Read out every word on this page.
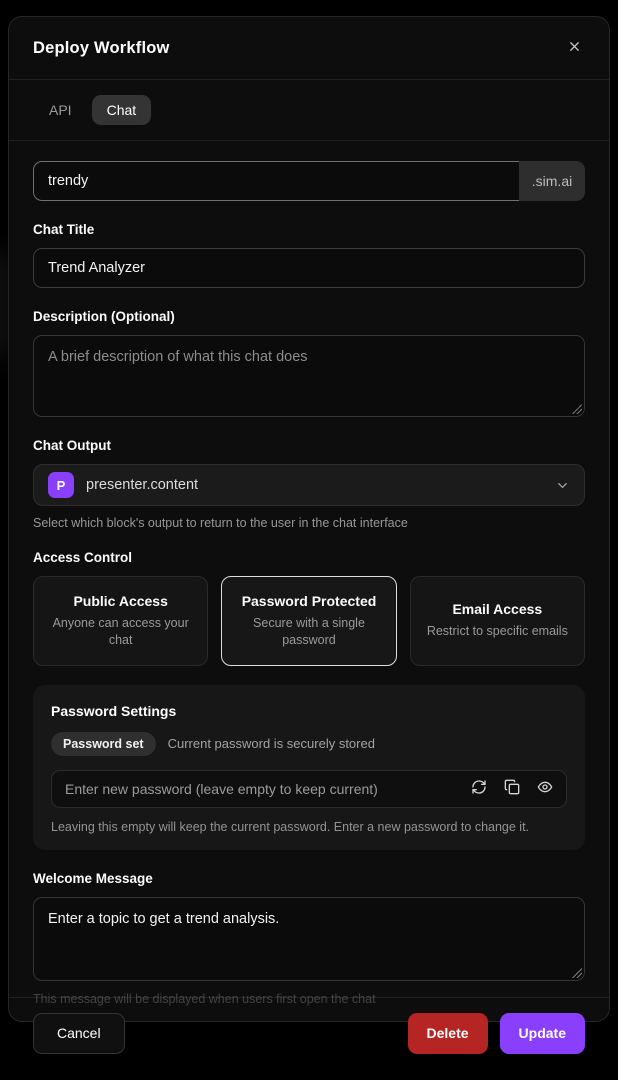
Deploy Workflow
API	Chat
trendy
.sim.ai
Chat Title
Trend Analyzer
Description (Optional)
A brief description of what this chat does
Chat Output
P	presenter.content
Select which block's output to return to the user in the chat interface
Access Control
Public Access
Anyone can access your chat
Password Protected
Secure with a single password
Email Access
Restrict to specific emails
Password Settings
Password set	Current password is securely stored
Enter new password (leave empty to keep current)
Leaving this empty will keep the current password. Enter a new password to change it.
Welcome Message
Enter a topic to get a trend analysis.
This message will be displayed when users first open the chat
Cancel	Delete	Update
